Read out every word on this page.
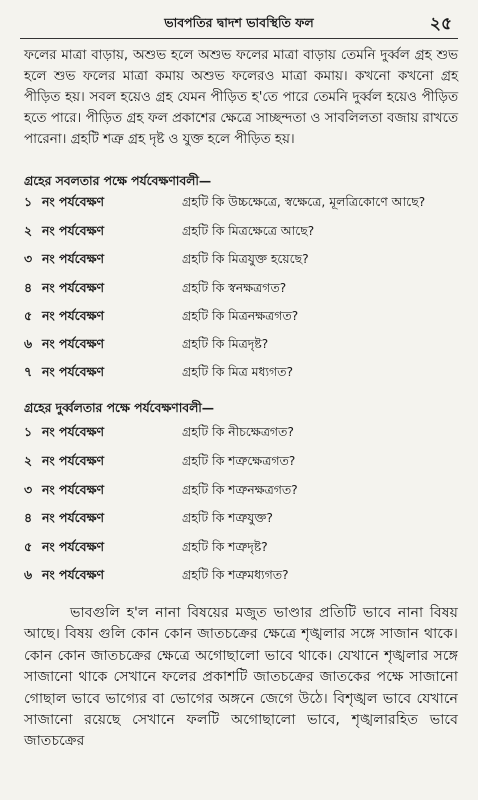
ভাবপতির দ্বাদশ ভাবস্থিতি ফল	২৫

ফলের মাত্রা বাড়ায়, অশুভ হলে অশুভ ফলের মাত্রা বাড়ায় তেমনি দুর্ব্বল গ্রহ শুভ হলে শুভ ফলের মাত্রা কমায় অশুভ ফলেরও মাত্রা কমায়। কখনো কখনো গ্রহ পীড়িত হয়। সবল হয়েও গ্রহ যেমন পীড়িত হ'তে পারে তেমনি দুর্ব্বল হয়েও পীড়িত হতে পারে। পীড়িত গ্রহ ফল প্রকাশের ক্ষেত্রে সাচ্ছন্দতা ও সাবলিলতা বজায় রাখতে পারেনা। গ্রহটি শত্রু গ্রহ দৃষ্ট ও যুক্ত হলে পীড়িত হয়।

গ্রহের সবলতার পক্ষে পর্যবেক্ষণাবলী—
১ নং পর্যবেক্ষণ	গ্রহটি কি উচ্চক্ষেত্রে, স্বক্ষেত্রে, মূলত্রিকোণে আছে?
২ নং পর্যবেক্ষণ	গ্রহটি কি মিত্রক্ষেত্রে আছে?
৩ নং পর্যবেক্ষণ	গ্রহটি কি মিত্রযুক্ত হয়েছে?
৪ নং পর্যবেক্ষণ	গ্রহটি কি স্বনক্ষত্রগত?
৫ নং পর্যবেক্ষণ	গ্রহটি কি মিত্রনক্ষত্রগত?
৬ নং পর্যবেক্ষণ	গ্রহটি কি মিত্রদৃষ্ট?
৭ নং পর্যবেক্ষণ	গ্রহটি কি মিত্র মধ্যগত?
গ্রহের দুর্ব্বলতার পক্ষে পর্যবেক্ষণাবলী—
১ নং পর্যবেক্ষণ	গ্রহটি কি নীচক্ষেত্রগত?
২ নং পর্যবেক্ষণ	গ্রহটি কি শত্রুক্ষেত্রগত?
৩ নং পর্যবেক্ষণ	গ্রহটি কি শত্রুনক্ষত্রগত?
৪ নং পর্যবেক্ষণ	গ্রহটি কি শত্রুযুক্ত?
৫ নং পর্যবেক্ষণ	গ্রহটি কি শত্রুদৃষ্ট?
৬ নং পর্যবেক্ষণ	গ্রহটি কি শত্রুমধ্যগত?

ভাবগুলি হ'ল নানা বিষয়ের মজুত ভাণ্ডার প্রতিটি ভাবে নানা বিষয় আছে। বিষয় গুলি কোন কোন জাতচক্রের ক্ষেত্রে শৃঙ্খলার সঙ্গে সাজান থাকে। কোন কোন জাতচক্রের ক্ষেত্রে অগোছালো ভাবে থাকে। যেখানে শৃঙ্খলার সঙ্গে সাজানো থাকে সেখানে ফলের প্রকাশটি জাতচক্রের জাতকের পক্ষে সাজানো গোছাল ভাবে ভাগ্যের বা ভোগের অঙ্গনে জেগে উঠে। বিশৃঙ্খল ভাবে যেখানে সাজানো রয়েছে সেখানে ফলটি অগোছালো ভাবে, শৃঙ্খলারহিত ভাবে জাতচক্রের
